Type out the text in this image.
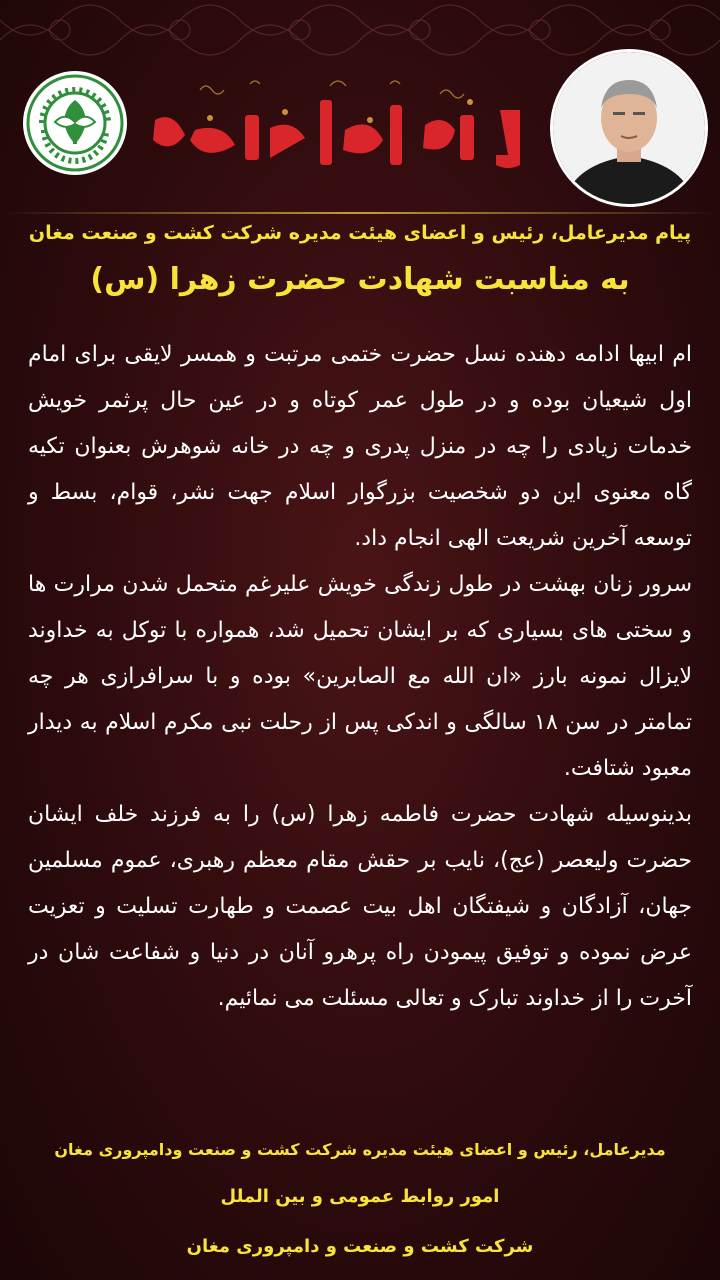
پیام مدیرعامل، رئیس و اعضای هیئت مدیره شرکت کشت و صنعت مغان
به مناسبت شهادت حضرت زهرا (س)

ام ابیها ادامه دهنده نسل حضرت ختمی مرتبت و همسر لایقی برای امام اول شیعیان بوده و در طول عمر کوتاه و در عین حال پرثمر خویش خدمات زیادی را چه در منزل پدری و چه در خانه شوهرش بعنوان تکیه گاه معنوی این دو شخصیت بزرگوار اسلام جهت نشر، قوام، بسط و توسعه آخرین شریعت الهی انجام داد.

سرور زنان بهشت در طول زندگی خویش علیرغم متحمل شدن مرارت ها و سختی های بسیاری که بر ایشان تحمیل شد، همواره با توکل به خداوند لایزال نمونه بارز «ان الله مع الصابرین» بوده و با سرافرازی هر چه تمامتر در سن ۱۸ سالگی و اندکی پس از رحلت نبی مکرم اسلام به دیدار معبود شتافت.

بدینوسیله شهادت حضرت فاطمه زهرا (س) را به فرزند خلف ایشان حضرت ولیعصر (عج)، نایب بر حقش مقام معظم رهبری، عموم مسلمین جهان، آزادگان و شیفتگان اهل بیت عصمت و طهارت تسلیت و تعزیت عرض نموده و توفیق پیمودن راه پرهرو آنان در دنیا و شفاعت شان در آخرت را از خداوند تبارک و تعالی مسئلت می نمائیم.

مدیرعامل، رئیس و اعضای هیئت مدیره شرکت کشت و صنعت ودامپروری مغان
امور روابط عمومی و بین الملل
شرکت کشت و صنعت و دامپروری مغان
